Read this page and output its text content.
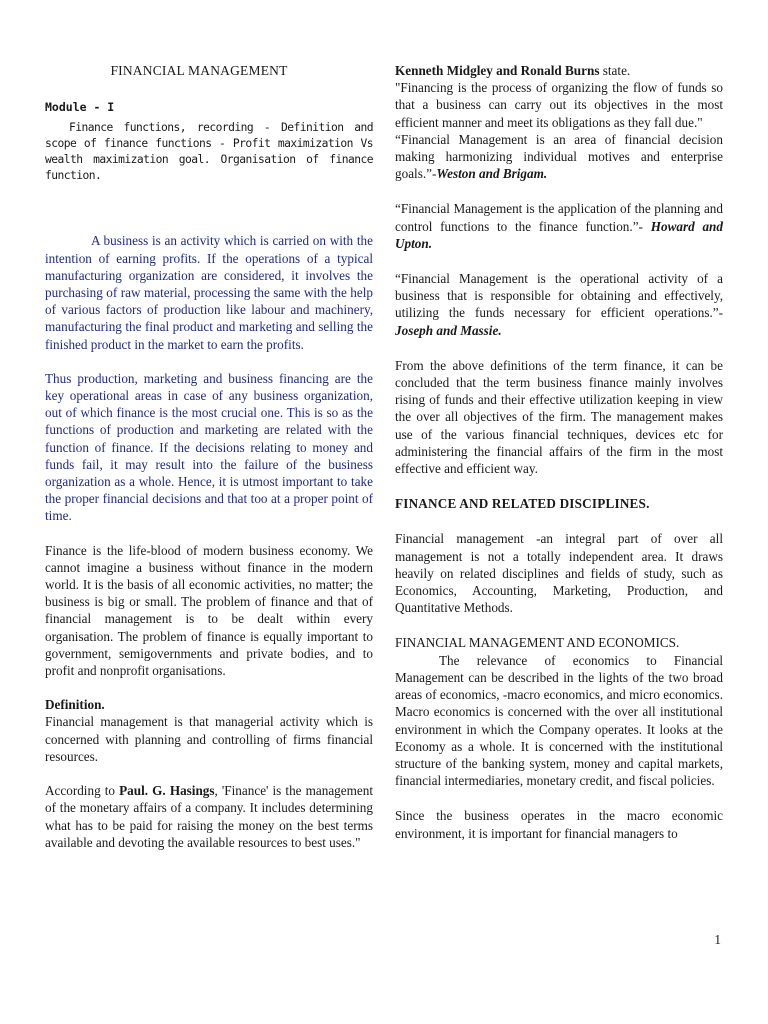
FINANCIAL MANAGEMENT

Module - I

Finance functions, recording - Definition and scope of finance functions - Profit maximization Vs wealth maximization goal. Organisation of finance function.

A business is an activity which is carried on with the intention of earning profits. If the operations of a typical manufacturing organization are considered, it involves the purchasing of raw material, processing the same with the help of various factors of production like labour and machinery, manufacturing the final product and marketing and selling the finished product in the market to earn the profits.

Thus production, marketing and business financing are the key operational areas in case of any business organization, out of which finance is the most crucial one. This is so as the functions of production and marketing are related with the function of finance. If the decisions relating to money and funds fail, it may result into the failure of the business organization as a whole. Hence, it is utmost important to take the proper financial decisions and that too at a proper point of time.

Finance is the life-blood of modern business economy. We cannot imagine a business without finance in the modern world. It is the basis of all economic activities, no matter; the business is big or small. The problem of finance and that of financial management is to be dealt within every organisation. The problem of finance is equally important to government, semigovernments and private bodies, and to profit and nonprofit organisations.

Definition.

Financial management is that managerial activity which is concerned with planning and controlling of firms financial resources.

According to Paul. G. Hasings, 'Finance' is the management of the monetary affairs of a company. It includes determining what has to be paid for raising the money on the best terms available and devoting the available resources to best uses."

Kenneth Midgley and Ronald Burns state.

"Financing is the process of organizing the flow of funds so that a business can carry out its objectives in the most efficient manner and meet its obligations as they fall due."

“Financial Management is an area of financial decision making harmonizing individual motives and enterprise goals.”-Weston and Brigam.

“Financial Management is the application of the planning and control functions to the finance function.”- Howard and Upton.

“Financial Management is the operational activity of a business that is responsible for obtaining and effectively, utilizing the funds necessary for efficient operations.”- Joseph and Massie.

From the above definitions of the term finance, it can be concluded that the term business finance mainly involves rising of funds and their effective utilization keeping in view the over all objectives of the firm. The management makes use of the various financial techniques, devices etc for administering the financial affairs of the firm in the most effective and efficient way.

FINANCE AND RELATED DISCIPLINES.

Financial management -an integral part of over all management is not a totally independent area. It draws heavily on related disciplines and fields of study, such as Economics, Accounting, Marketing, Production, and Quantitative Methods.

FINANCIAL MANAGEMENT AND ECONOMICS.

The relevance of economics to Financial Management can be described in the lights of the two broad areas of economics, -macro economics, and micro economics. Macro economics is concerned with the over all institutional environment in which the Company operates. It looks at the Economy as a whole. It is concerned with the institutional structure of the banking system, money and capital markets, financial intermediaries, monetary credit, and fiscal policies.

Since the business operates in the macro economic environment, it is important for financial managers to

1
